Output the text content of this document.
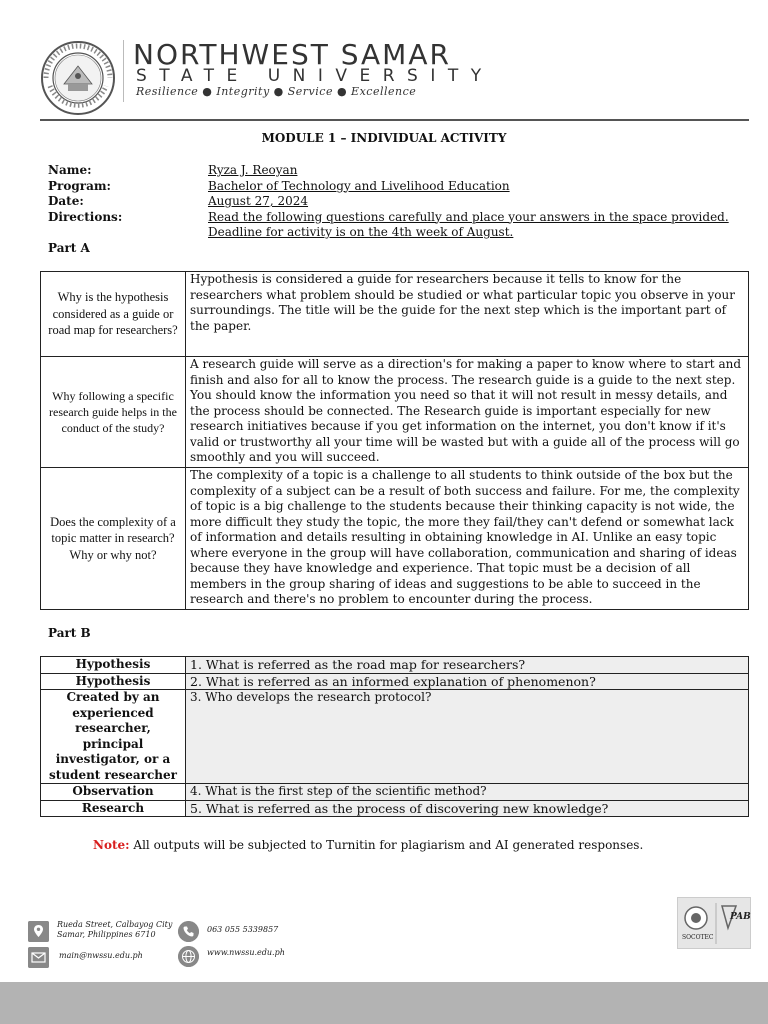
NORTHWEST SAMAR
STATE UNIVERSITY
Resilience ● Integrity ● Service ● Excellence
MODULE 1 – INDIVIDUAL ACTIVITY
Name:	Ryza J. Reoyan
Program:	Bachelor of Technology and Livelihood Education
Date:	August 27, 2024
Directions:	Read the following questions carefully and place your answers in the space provided.
Deadline for activity is on the 4th week of August.
Part A
Why is the hypothesis considered as a guide or road map for researchers?	Hypothesis is considered a guide for researchers because it tells to know for the researchers what problem should be studied or what particular topic you observe in your surroundings. The title will be the guide for the next step which is the important part of the paper.
Why following a specific research guide helps in the conduct of the study?	A research guide will serve as a direction's for making a paper to know where to start and finish and also for all to know the process. The research guide is a guide to the next step. You should know the information you need so that it will not result in messy details, and the process should be connected. The Research guide is important especially for new research initiatives because if you get information on the internet, you don't know if it's valid or trustworthy all your time will be wasted but with a guide all of the process will go smoothly and you will succeed.
Does the complexity of a topic matter in research? Why or why not?	The complexity of a topic is a challenge to all students to think outside of the box but the complexity of a subject can be a result of both success and failure. For me, the complexity of topic is a big challenge to the students because their thinking capacity is not wide, the more difficult they study the topic, the more they fail/they can't defend or somewhat lack of information and details resulting in obtaining knowledge in AI. Unlike an easy topic where everyone in the group will have collaboration, communication and sharing of ideas because they have knowledge and experience. That topic must be a decision of all members in the group sharing of ideas and suggestions to be able to succeed in the research and there's no problem to encounter during the process.
Part B
Hypothesis	1. What is referred as the road map for researchers?
Hypothesis	2. What is referred as an informed explanation of phenomenon?
Created by an experienced researcher, principal investigator, or a student researcher	3. Who develops the research protocol?
Observation	4. What is the first step of the scientific method?
Research	5. What is referred as the process of discovering new knowledge?
Note: All outputs will be subjected to Turnitin for plagiarism and AI generated responses.
Rueda Street, Calbayog City
Samar, Philippines 6710
main@nwssu.edu.ph
063 055 5339857
www.nwssu.edu.ph
SOCOTEC
PAB
